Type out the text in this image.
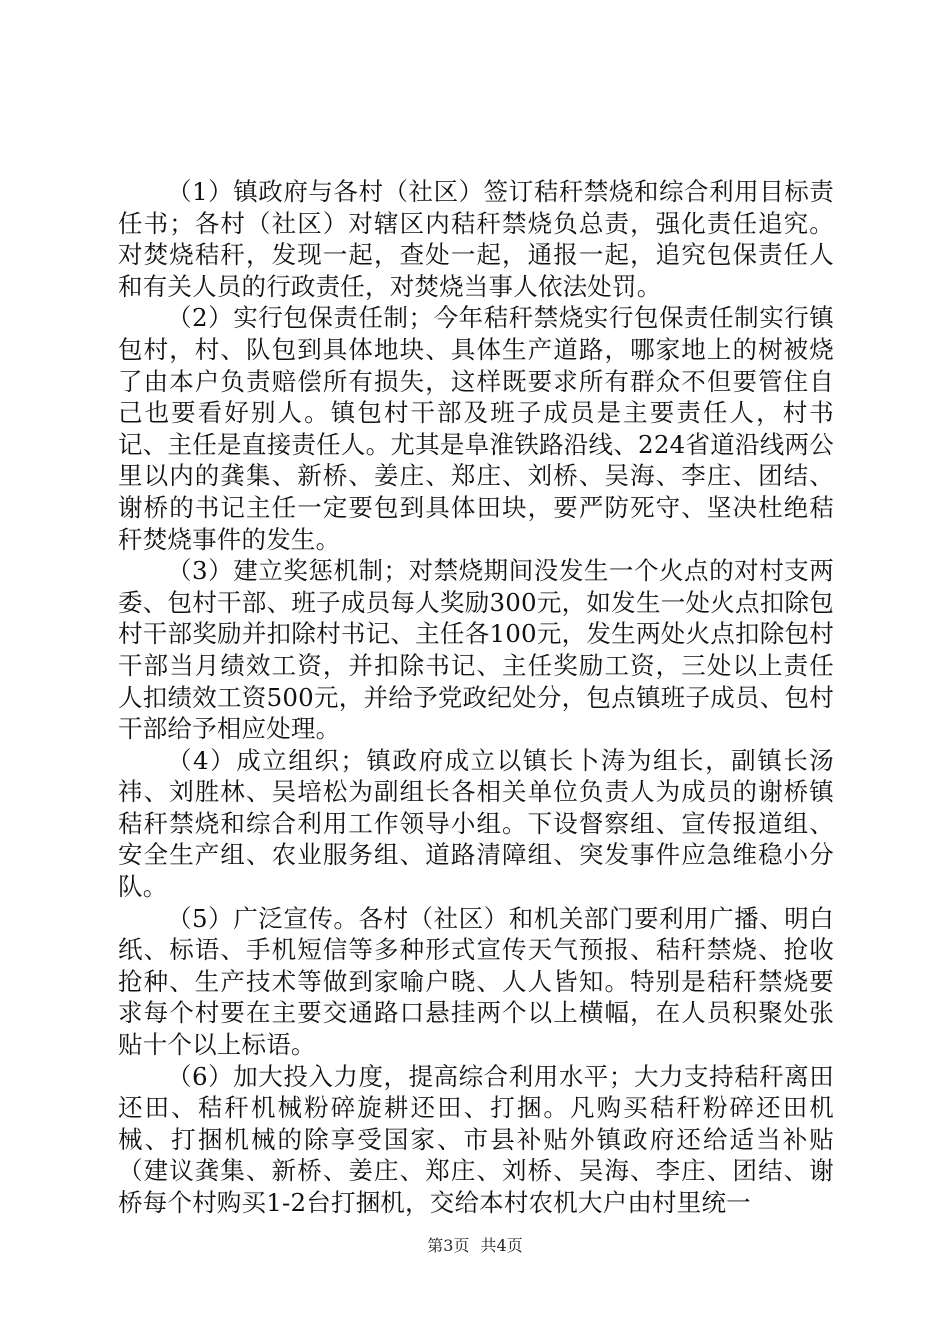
（1）镇政府与各村（社区）签订秸秆禁烧和综合利用目标责任书；各村（社区）对辖区内秸秆禁烧负总责，强化责任追究。对焚烧秸秆，发现一起，查处一起，通报一起，追究包保责任人和有关人员的行政责任，对焚烧当事人依法处罚。

（2）实行包保责任制；今年秸秆禁烧实行包保责任制实行镇包村，村、队包到具体地块、具体生产道路，哪家地上的树被烧了由本户负责赔偿所有损失，这样既要求所有群众不但要管住自己也要看好别人。镇包村干部及班子成员是主要责任人，村书记、主任是直接责任人。尤其是阜淮铁路沿线、224省道沿线两公里以内的龚集、新桥、姜庄、郑庄、刘桥、吴海、李庄、团结、谢桥的书记主任一定要包到具体田块，要严防死守、坚决杜绝秸秆焚烧事件的发生。

（3）建立奖惩机制；对禁烧期间没发生一个火点的对村支两委、包村干部、班子成员每人奖励300元，如发生一处火点扣除包村干部奖励并扣除村书记、主任各100元，发生两处火点扣除包村干部当月绩效工资，并扣除书记、主任奖励工资，三处以上责任人扣绩效工资500元，并给予党政纪处分，包点镇班子成员、包村干部给予相应处理。

（4）成立组织；镇政府成立以镇长卜涛为组长，副镇长汤祎、刘胜林、吴培松为副组长各相关单位负责人为成员的谢桥镇秸秆禁烧和综合利用工作领导小组。下设督察组、宣传报道组、安全生产组、农业服务组、道路清障组、突发事件应急维稳小分队。

（5）广泛宣传。各村（社区）和机关部门要利用广播、明白纸、标语、手机短信等多种形式宣传天气预报、秸秆禁烧、抢收抢种、生产技术等做到家喻户晓、人人皆知。特别是秸秆禁烧要求每个村要在主要交通路口悬挂两个以上横幅，在人员积聚处张贴十个以上标语。

（6）加大投入力度，提高综合利用水平；大力支持秸秆离田还田、秸秆机械粉碎旋耕还田、打捆。凡购买秸秆粉碎还田机械、打捆机械的除享受国家、市县补贴外镇政府还给适当补贴（建议龚集、新桥、姜庄、郑庄、刘桥、吴海、李庄、团结、谢桥每个村购买1-2台打捆机，交给本村农机大户由村里统一

第3页 共4页
